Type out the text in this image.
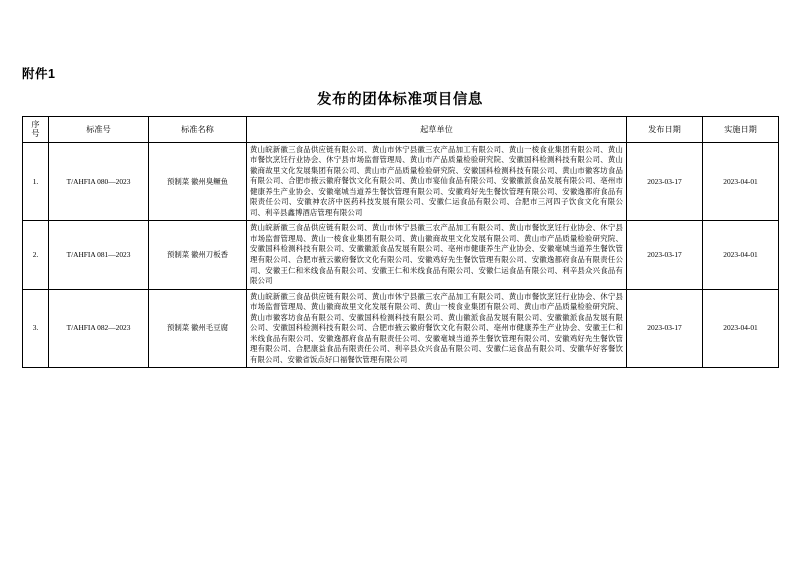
附件1
发布的团体标准项目信息
序
号	标准号	标准名称	起草单位	发布日期	实施日期
1.	T/AHFIA 080—2023	预制菜 徽州臭鳜鱼	黄山皖新徽三食品供应链有限公司、黄山市休宁县徽三农产品加工有限公司、黄山一棱食业集团有限公司、黄山市餐饮烹饪行业协会、休宁县市场监督管理局、黄山市产品质量检验研究院、安徽国科检测科技有限公司、黄山徽商故里文化发展集团有限公司、黄山市产品质量检验研究院、安徽国科检测科技有限公司、黄山市徽客坊食品有限公司、合肥市掖云徽府餐饮文化有限公司、黄山市宴仙食品有限公司、安徽徽派食品发展有限公司、亳州市健康养生产业协会、安徽毫城当道养生餐饮管理有限公司、安徽鸡好先生餐饮管理有限公司、安徽逸都府食品有限责任公司、安徽神农济中医药科技发展有限公司、安徽仁运食品有限公司、合肥市三河四子饮食文化有限公司、利辛县鑫博酒店管理有限公司	2023-03-17	2023-04-01
2.	T/AHFIA 081—2023	预制菜 徽州刀板香	黄山皖新徽三食品供应链有限公司、黄山市休宁县徽三农产品加工有限公司、黄山市餐饮烹饪行业协会、休宁县市场监督管理局、黄山一棱食业集团有限公司、黄山徽商故里文化发展有限公司、黄山市产品质量检验研究院、安徽国科检测科技有限公司、安徽徽派食品发展有限公司、亳州市健康养生产业协会、安徽毫城当道养生餐饮管理有限公司、合肥市掖云徽府餐饮文化有限公司、安徽鸡好先生餐饮管理有限公司、安徽逸都府食品有限责任公司、安徽王仁和米线食品有限公司、安徽王仁和米线食品有限公司、安徽仁运食品有限公司、利辛县众兴食品有限公司	2023-03-17	2023-04-01
3.	T/AHFIA 082—2023	预制菜 徽州毛豆腐	黄山皖新徽三食品供应链有限公司、黄山市休宁县徽三农产品加工有限公司、黄山市餐饮烹饪行业协会、休宁县市场监督管理局、黄山徽商故里文化发展有限公司、黄山一棱食业集团有限公司、黄山市产品质量检验研究院、黄山市徽客坊食品有限公司、安徽国科检测科技有限公司、黄山徽派食品发展有限公司、安徽徽派食品发展有限公司、安徽国科检测科技有限公司、合肥市掖云徽府餐饮文化有限公司、亳州市健康养生产业协会、安徽王仁和米线食品有限公司、安徽逸都府食品有限责任公司、安徽毫城当道养生餐饮管理有限公司、安徽鸡好先生餐饮管理有限公司、合肥康益食品有限责任公司、利辛县众兴食品有限公司、安徽仁运食品有限公司、安徽华好客餐饮有限公司、安徽省饭点好口福餐饮管理有限公司	2023-03-17	2023-04-01
